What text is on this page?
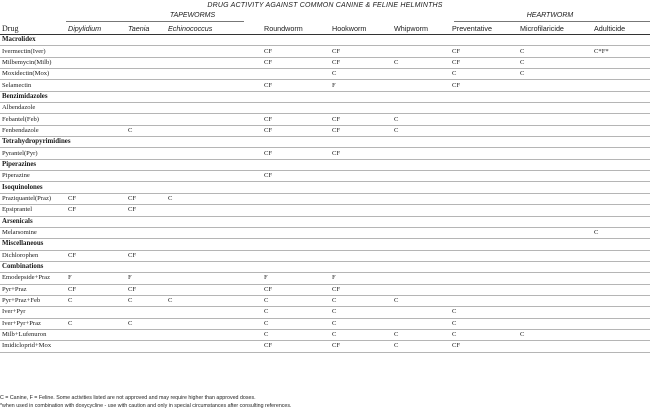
DRUG ACTIVITY AGAINST COMMON CANINE & FELINE HELMINTHS
TAPEWORMS	HEARTWORM
Drug	Dipylidium	Taenia	Echinococcus	Roundworm	Hookworm	Whipworm	Preventative	Microfilaricide	Adulticide
Macrolidex									
Ivermectin(Iver)				CF	CF		CF	C	C*F*
Milbemycin(Milb)				CF	CF	C	CF	C	
Moxidectin(Mox)					C		C	C	
Selamectin				CF	F		CF		
Benzimidazoles									
Albendazole									
Febantel(Feb)				CF	CF	C			
Fenbendazole		C		CF	CF	C			
Tetrahydropyrimidines									
Pyrantel(Pyr)				CF	CF				
Piperazines									
Piperazine				CF					
Isoquinolones									
Praziquantel(Praz)	CF	CF	C						
Epsiprantel	CF	CF							
Arsenicals									
Melarsomine									C
Miscellaneous									
Dichlorophen	CF	CF							
Combinations									
Emodepside+Praz	F	F		F	F				
Pyr+Praz	CF	CF		CF	CF				
Pyr+Praz+Feb	C	C	C	C	C	C			
Iver+Pyr				C	C		C		
Iver+Pyr+Praz	C	C		C	C		C		
Milb+Lufenuron				C	C	C	C	C	
Imidicloprid+Mox				CF	CF	C	CF		
C = Canine, F = Feline. Some activities listed are not approved and may require higher than approved doses.
*when used in combination with doxycycline - use with caution and only in special circumstances after consulting references.
